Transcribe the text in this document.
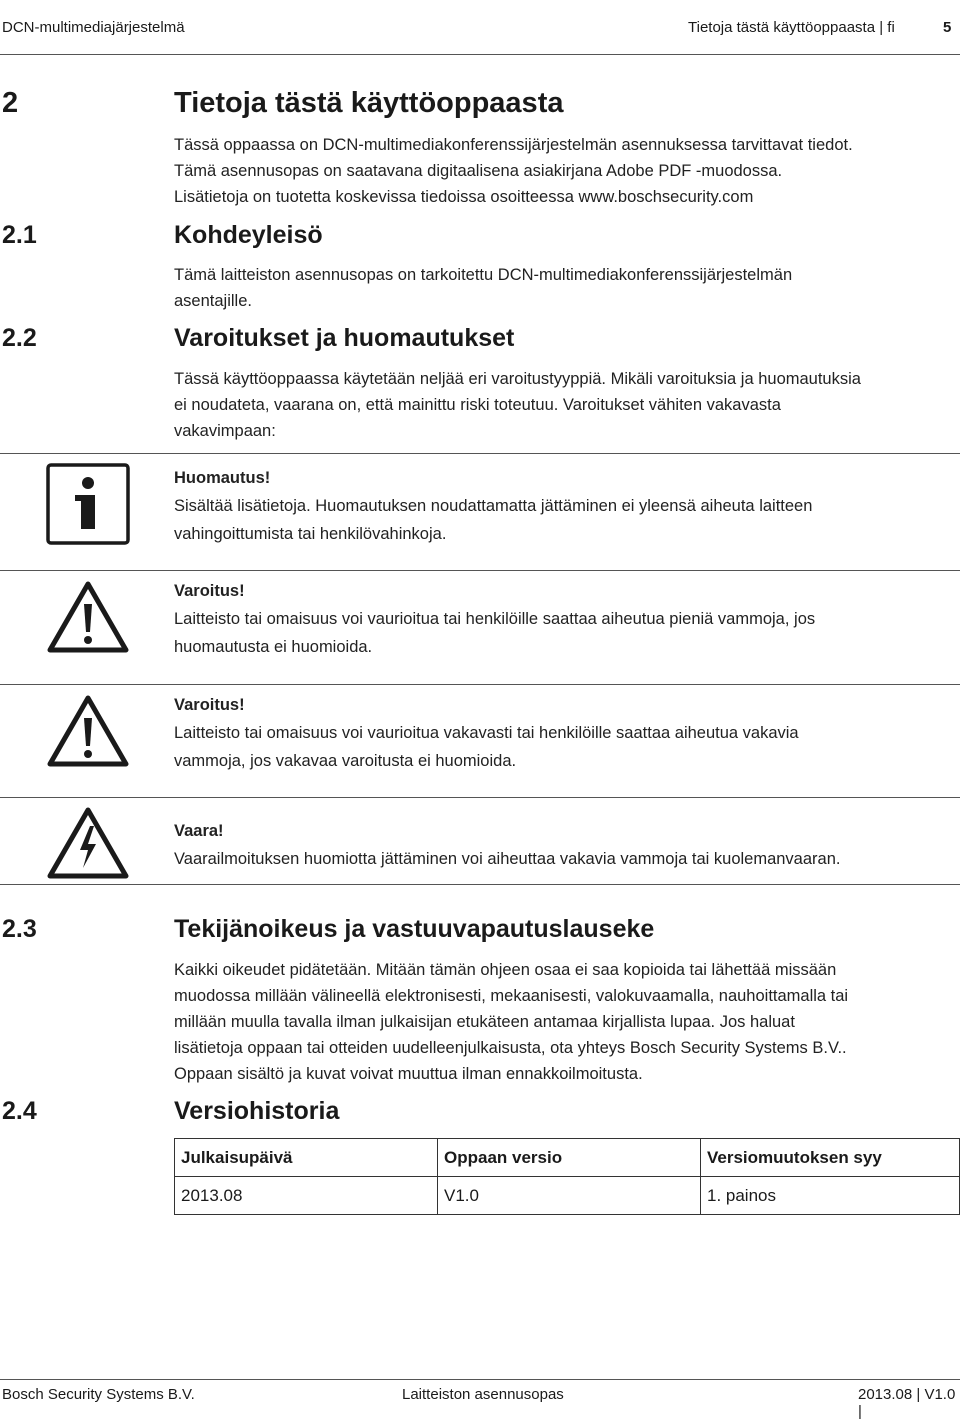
DCN-multimediajärjestelmä	Tietoja tästä käyttöoppaasta | fi	5
2	Tietoja tästä käyttöoppaasta
Tässä oppaassa on DCN-multimediakonferenssijärjestelmän asennuksessa tarvittavat tiedot.
Tämä asennusopas on saatavana digitaalisena asiakirjana Adobe PDF -muodossa.
Lisätietoja on tuotetta koskevissa tiedoissa osoitteessa www.boschsecurity.com
2.1	Kohdeyleisö
Tämä laitteiston asennusopas on tarkoitettu DCN-multimediakonferenssijärjestelmän
asentajille.
2.2	Varoitukset ja huomautukset
Tässä käyttöoppaassa käytetään neljää eri varoitustyyppiä. Mikäli varoituksia ja huomautuksia
ei noudateta, vaarana on, että mainittu riski toteutuu. Varoitukset vähiten vakavasta
vakavimpaan:
Huomautus!
Sisältää lisätietoja. Huomautuksen noudattamatta jättäminen ei yleensä aiheuta laitteen
vahingoittumista tai henkilövahinkoja.
Varoitus!
Laitteisto tai omaisuus voi vaurioitua tai henkilöille saattaa aiheutua pieniä vammoja, jos
huomautusta ei huomioida.
Varoitus!
Laitteisto tai omaisuus voi vaurioitua vakavasti tai henkilöille saattaa aiheutua vakavia
vammoja, jos vakavaa varoitusta ei huomioida.
Vaara!
Vaarailmoituksen huomiotta jättäminen voi aiheuttaa vakavia vammoja tai kuolemanvaaran.
2.3	Tekijänoikeus ja vastuuvapautuslauseke
Kaikki oikeudet pidätetään. Mitään tämän ohjeen osaa ei saa kopioida tai lähettää missään
muodossa millään välineellä elektronisesti, mekaanisesti, valokuvaamalla, nauhoittamalla tai
millään muulla tavalla ilman julkaisijan etukäteen antamaa kirjallista lupaa. Jos haluat
lisätietoja oppaan tai otteiden uudelleenjulkaisusta, ota yhteys Bosch Security Systems B.V..
Oppaan sisältö ja kuvat voivat muuttua ilman ennakkoilmoitusta.
2.4	Versiohistoria
Julkaisupäivä	Oppaan versio	Versiomuutoksen syy
2013.08	V1.0	1. painos
Bosch Security Systems B.V.	Laitteiston asennusopas	2013.08 | V1.0 |
